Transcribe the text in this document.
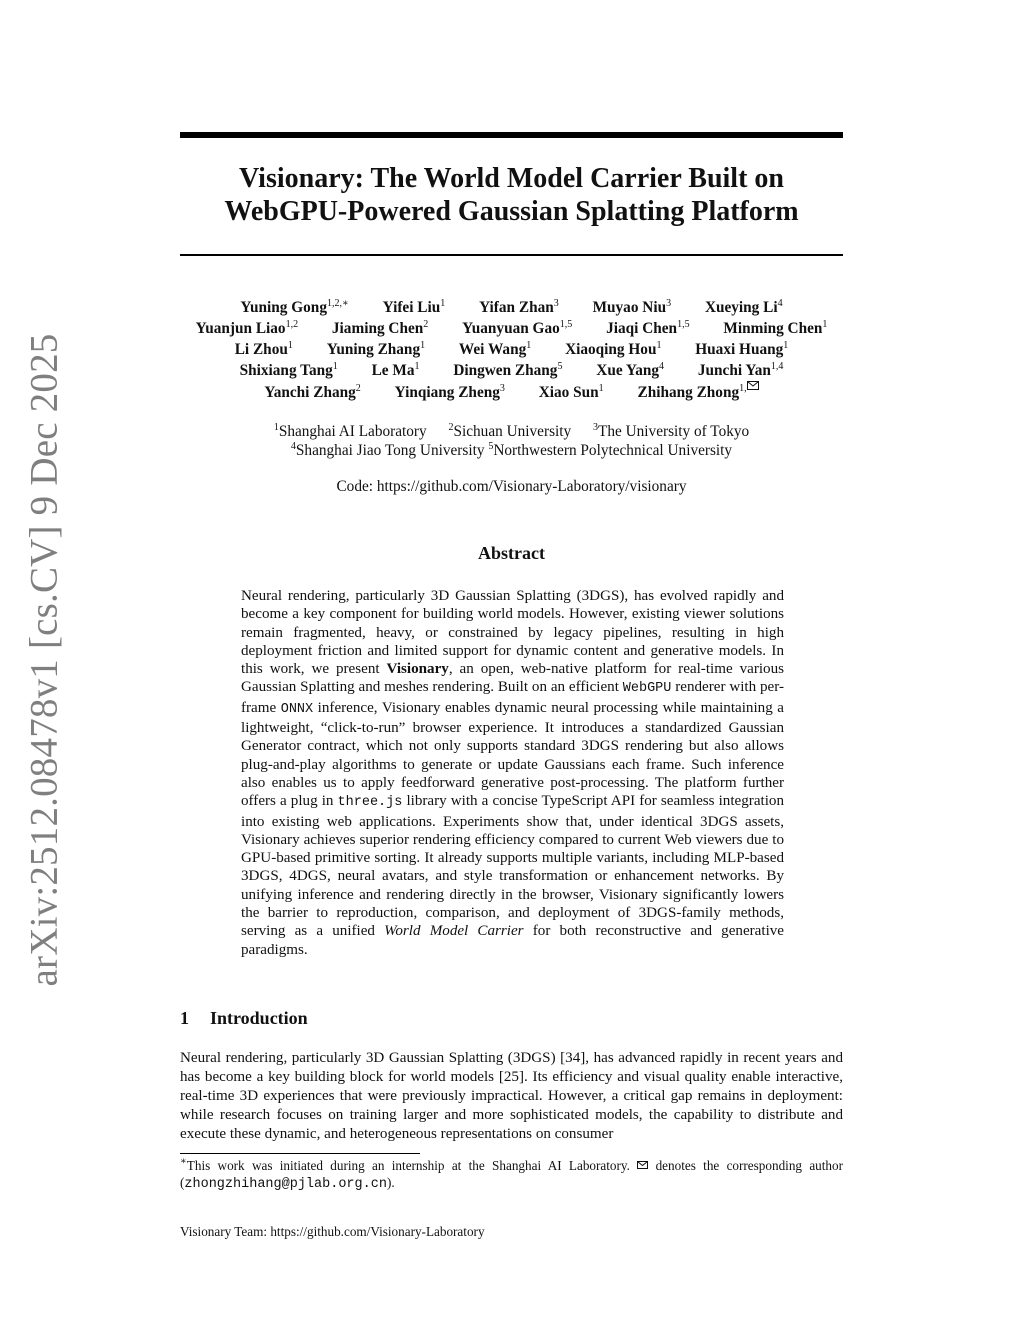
arXiv:2512.08478v1 [cs.CV] 9 Dec 2025
Visionary: The World Model Carrier Built on
WebGPU-Powered Gaussian Splatting Platform
Yuning Gong$^{1,2,∗}$ Yifei Liu$^1$ Yifan Zhan$^3$ Muyao Niu$^3$ Xueying Li$^4$
Yuanjun Liao$^{1,2}$ Jiaming Chen$^2$ Yuanyuan Gao$^{1,5}$ Jiaqi Chen$^{1,5}$ Minming Chen$^1$
Li Zhou$^1$ Yuning Zhang$^1$ Wei Wang$^1$ Xiaoqing Hou$^1$ Huaxi Huang$^1$
Shixiang Tang$^1$ Le Ma$^1$ Dingwen Zhang$^5$ Xue Yang$^4$ Junchi Yan$^{1,4}$
Yanchi Zhang$^2$ Yinqiang Zheng$^3$ Xiao Sun$^1$ Zhihang Zhong$^{1,}$
$^1$Shanghai AI Laboratory $^2$Sichuan University $^3$The University of Tokyo
$^4$Shanghai Jiao Tong University $^5$Northwestern Polytechnical University
Code: https://github.com/Visionary-Laboratory/visionary
Abstract
Neural rendering, particularly 3D Gaussian Splatting (3DGS), has evolved rapidly and become a key component for building world models. However, existing viewer solutions remain fragmented, heavy, or constrained by legacy pipelines, resulting in high deployment friction and limited support for dynamic content and generative models. In this work, we present Visionary, an open, web-native platform for real-time various Gaussian Splatting and meshes rendering. Built on an efficient WebGPU renderer with per-frame ONNX inference, Visionary enables dynamic neural processing while maintaining a lightweight, “click-to-run” browser experience. It introduces a standardized Gaussian Generator contract, which not only supports standard 3DGS rendering but also allows plug-and-play algorithms to generate or update Gaussians each frame. Such inference also enables us to apply feedforward generative post-processing. The platform further offers a plug in three.js library with a concise TypeScript API for seamless integration into existing web applications. Experiments show that, under identical 3DGS assets, Visionary achieves superior rendering efficiency compared to current Web viewers due to GPU-based primitive sorting. It already supports multiple variants, including MLP-based 3DGS, 4DGS, neural avatars, and style transformation or enhancement networks. By unifying inference and rendering directly in the browser, Visionary significantly lowers the barrier to reproduction, comparison, and deployment of 3DGS-family methods, serving as a unified World Model Carrier for both reconstructive and generative paradigms.
1 Introduction
Neural rendering, particularly 3D Gaussian Splatting (3DGS) [34], has advanced rapidly in recent years and has become a key building block for world models [25]. Its efficiency and visual quality enable interactive, real-time 3D experiences that were previously impractical. However, a critical gap remains in deployment: while research focuses on training larger and more sophisticated models, the capability to distribute and execute these dynamic, and heterogeneous representations on consumer
∗This work was initiated during an internship at the Shanghai AI Laboratory. denotes the corresponding author (zhongzhihang@pjlab.org.cn).
Visionary Team: https://github.com/Visionary-Laboratory
